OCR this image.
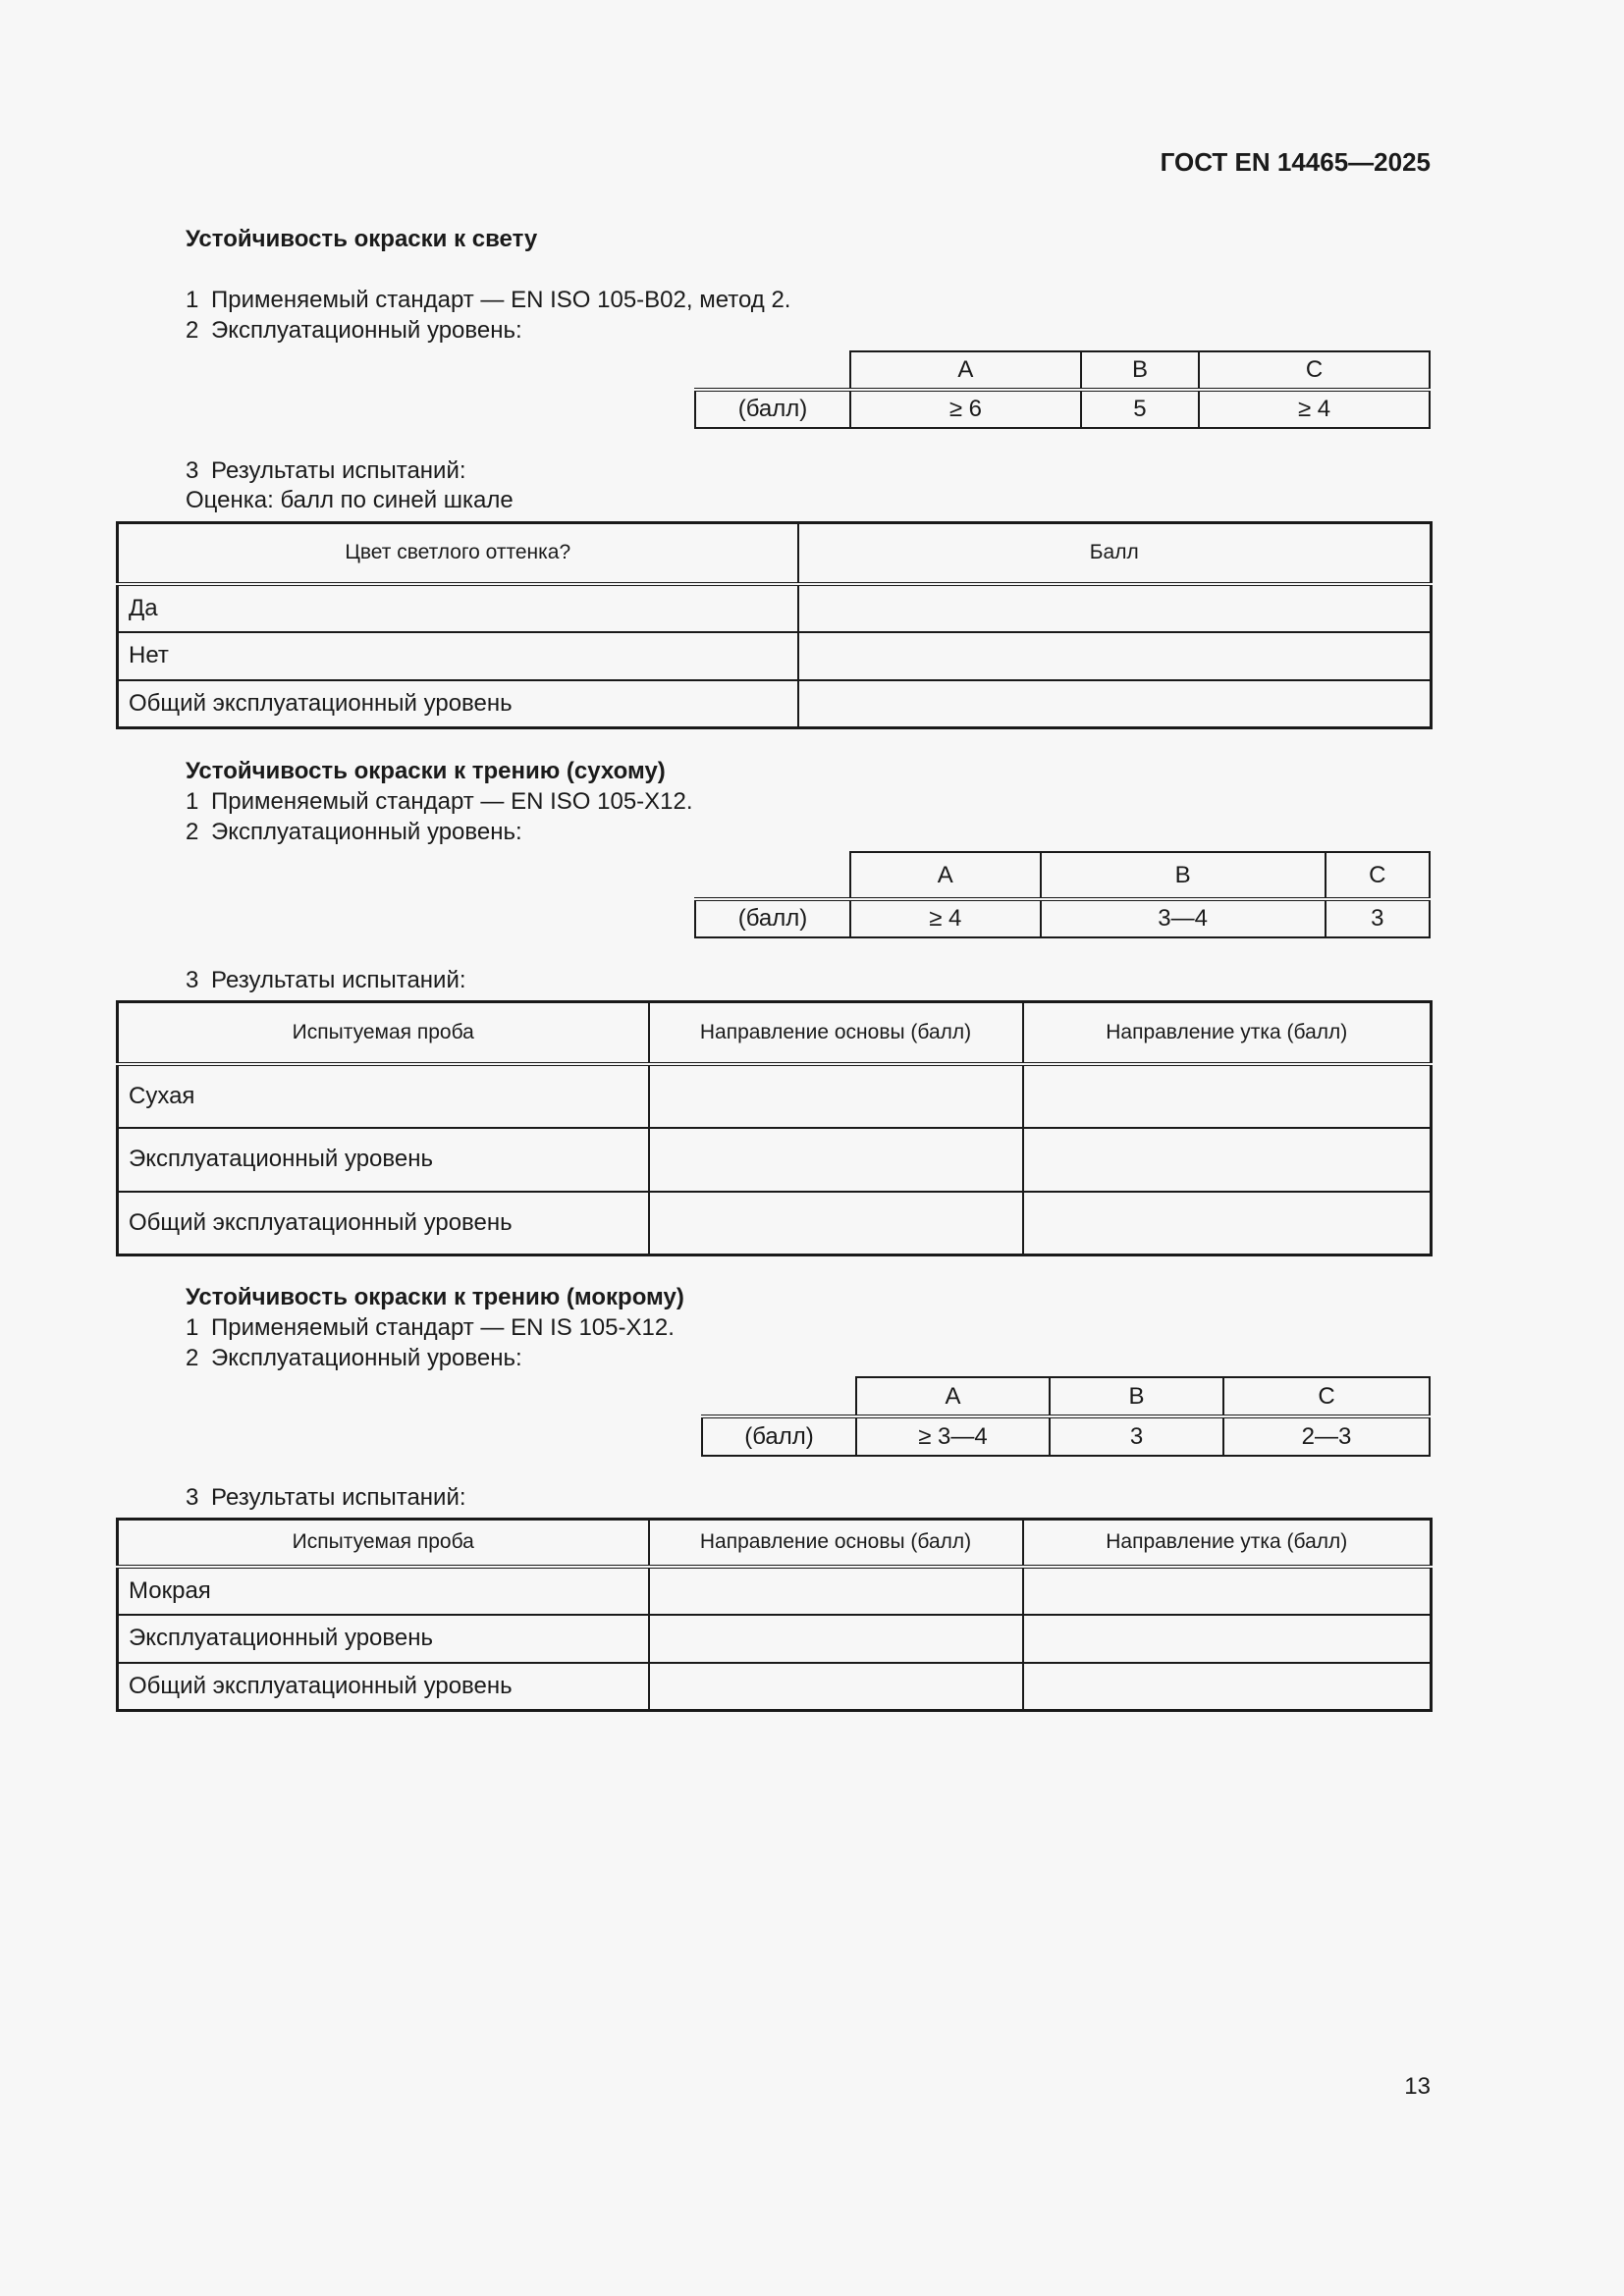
ГОСТ EN 14465—2025
Устойчивость окраски к свету
1 Применяемый стандарт — EN ISO 105-B02, метод 2.
2 Эксплуатационный уровень:
	A	B	C
(балл)	≥ 6	5	≥ 4
3 Результаты испытаний:
Оценка: балл по синей шкале
Цвет светлого оттенка?	Балл
Да	
Нет	
Общий эксплуатационный уровень	
Устойчивость окраски к трению (сухому)
1 Применяемый стандарт — EN ISO 105-X12.
2 Эксплуатационный уровень:
	A	B	C
(балл)	≥ 4	3—4	3
3 Результаты испытаний:
Испытуемая проба	Направление основы (балл)	Направление утка (балл)
Сухая		
Эксплуатационный уровень		
Общий эксплуатационный уровень		
Устойчивость окраски к трению (мокрому)
1 Применяемый стандарт — EN IS 105-X12.
2 Эксплуатационный уровень:
	A	B	C
(балл)	≥ 3—4	3	2—3
3 Результаты испытаний:
Испытуемая проба	Направление основы (балл)	Направление утка (балл)
Мокрая		
Эксплуатационный уровень		
Общий эксплуатационный уровень		
13
